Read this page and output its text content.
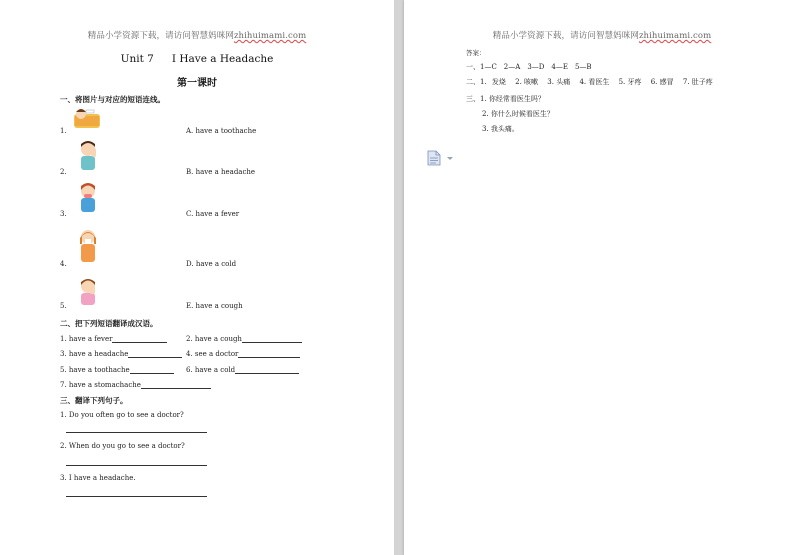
精品小学资源下载，请访问智慧妈咪网zhihuimami.com
Unit 7 I Have a Headache
第一课时
一、将图片与对应的短语连线。
1.
2.
3.
4.
5.
A. have a toothache
B. have a headache
C. have a fever
D. have a cold
E. have a cough
二、把下列短语翻译成汉语。
1. have a fever	2. have a cough
3. have a headache	4. see a doctor
5. have a toothache	6. have a cold
7. have a stomachache
三、翻译下列句子。
1. Do you often go to see a doctor?
2. When do you go to see a doctor?
3. I have a headache.
精品小学资源下载，请访问智慧妈咪网zhihuimami.com
答案：
一、1—C　2—A　3—D　4—E　5—B
二、1. 发烧 2. 咳嗽 3. 头痛 4. 看医生 5. 牙疼 6. 感冒 7. 肚子疼
三、1. 你经常看医生吗？
2. 你什么时候看医生？
3. 我头痛。
